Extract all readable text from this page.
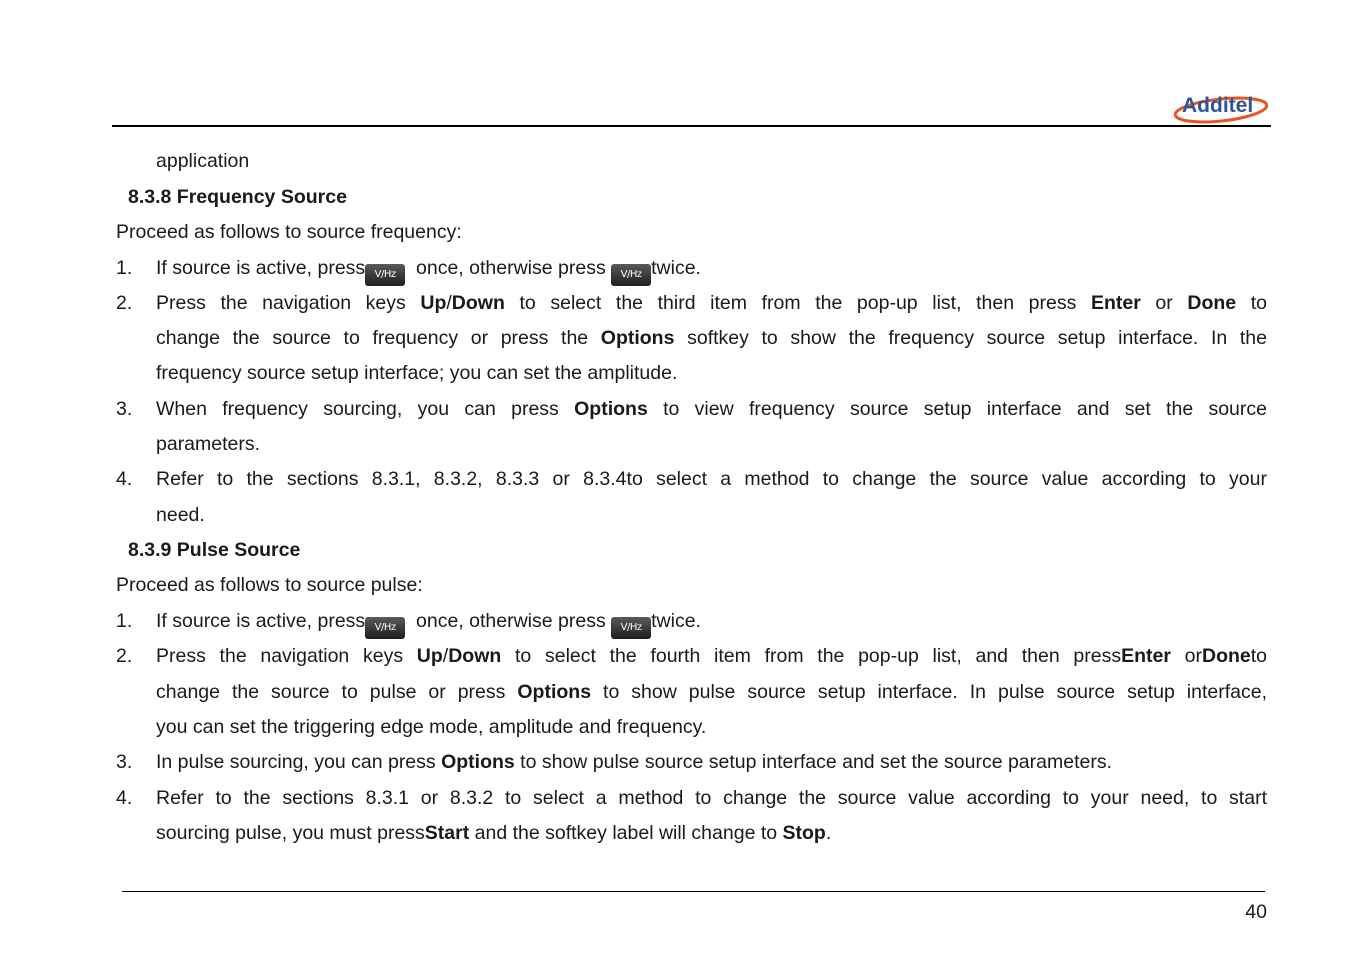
Additel
application
8.3.8 Frequency Source
Proceed as follows to source frequency:
1. If source is active, press V/Hz  once, otherwise press V/Hz twice.
2. Press the navigation keys Up/Down to select the third item from the pop-up list, then press Enter or Done to
change the source to frequency or press the Options softkey to show the frequency source setup interface. In the
frequency source setup interface; you can set the amplitude.
3. When frequency sourcing, you can press Options to view frequency source setup interface and set the source
parameters.
4. Refer to the sections 8.3.1, 8.3.2, 8.3.3 or 8.3.4to select a method to change the source value according to your
need.
8.3.9 Pulse Source
Proceed as follows to source pulse:
1. If source is active, press V/Hz  once, otherwise press V/Hz twice.
2. Press the navigation keys Up/Down to select the fourth item from the pop-up list, and then pressEnter orDoneto
change the source to pulse or press Options to show pulse source setup interface. In pulse source setup interface,
you can set the triggering edge mode, amplitude and frequency.
3. In pulse sourcing, you can press Options to show pulse source setup interface and set the source parameters.
4. Refer to the sections 8.3.1 or 8.3.2 to select a method to change the source value according to your need, to start
sourcing pulse, you must pressStart and the softkey label will change to Stop.
40
